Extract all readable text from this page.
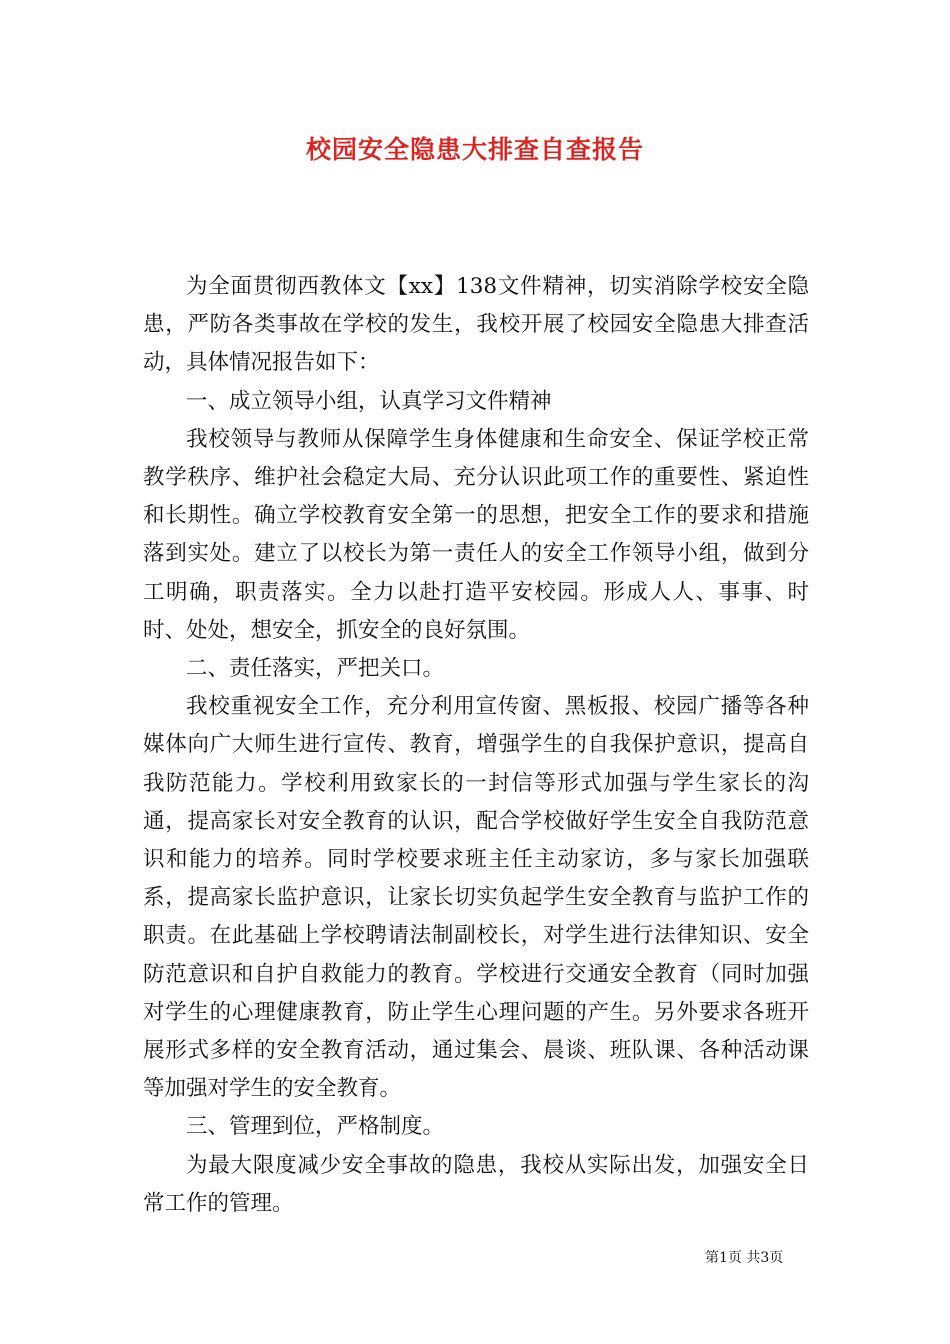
校园安全隐患大排查自查报告

为全面贯彻西教体文【xx】138文件精神，切实消除学校安全隐患，严防各类事故在学校的发生，我校开展了校园安全隐患大排查活动，具体情况报告如下：

一、成立领导小组，认真学习文件精神

我校领导与教师从保障学生身体健康和生命安全、保证学校正常教学秩序、维护社会稳定大局、充分认识此项工作的重要性、紧迫性和长期性。确立学校教育安全第一的思想，把安全工作的要求和措施落到实处。建立了以校长为第一责任人的安全工作领导小组，做到分工明确，职责落实。全力以赴打造平安校园。形成人人、事事、时时、处处，想安全，抓安全的良好氛围。

二、责任落实，严把关口。

我校重视安全工作，充分利用宣传窗、黑板报、校园广播等各种媒体向广大师生进行宣传、教育，增强学生的自我保护意识，提高自我防范能力。学校利用致家长的一封信等形式加强与学生家长的沟通，提高家长对安全教育的认识，配合学校做好学生安全自我防范意识和能力的培养。同时学校要求班主任主动家访，多与家长加强联系，提高家长监护意识，让家长切实负起学生安全教育与监护工作的职责。在此基础上学校聘请法制副校长，对学生进行法律知识、安全防范意识和自护自救能力的教育。学校进行交通安全教育（同时加强对学生的心理健康教育，防止学生心理问题的产生。另外要求各班开展形式多样的安全教育活动，通过集会、晨谈、班队课、各种活动课等加强对学生的安全教育。

三、管理到位，严格制度。

为最大限度减少安全事故的隐患，我校从实际出发，加强安全日常工作的管理。

第1页 共3页
